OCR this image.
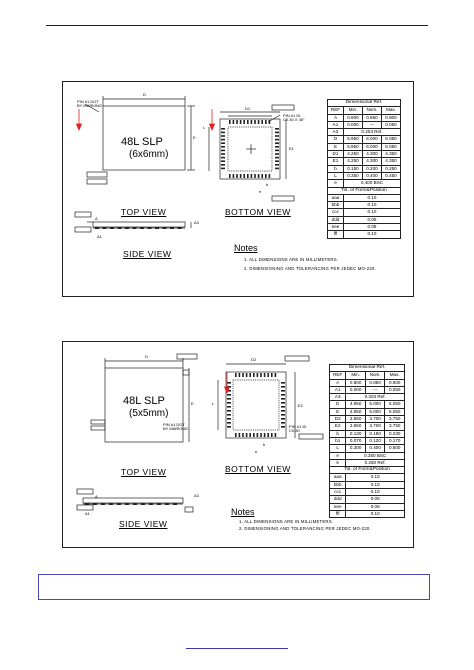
PIN #1 DOT
BY MARKING
D
E
48L SLP
(6x6mm)
TOP VIEW
D1
E1
L
PIN #1 ID
C0.30 X 45°
b
e
BOTTOM VIEW
A
A1
A3
SIDE VIEW
Notes
1. ALL DIMENSIONS ARE IN MILLIMETERS.
2. DIMENSIONING AND TOLERANCING PER JEDEC MO-220.
Dimensional Ref.			
REF	Min.	Nom.	Max.
A	0.800	0.850	0.900
A1	0.000	---	0.050
A3	0.203 Ref.		
D	5.950	6.000	6.050
E	5.950	6.000	6.050
D1	4.250	4.300	4.350
E1	4.250	4.300	4.350
b	0.150	0.200	0.250
L	0.350	0.400	0.450
e	0.400 BSC		
Tol. of Form&Position			
aaa	0.10		
bbb	0.10		
ccc	0.10		
ddd	0.05		
eee	0.08		
fff	0.10		
D
E
48L SLP
(5x5mm)
PIN #1 DOT
BY MARKING
TOP VIEW
D2
E2
L
PIN #1 ID
C0.30
b
e
BOTTOM VIEW
A
A1
A3
SIDE VIEW
Notes
1. ALL DIMENSIONS ARE IN MILLIMETERS.
2. DIMENSIONING AND TOLERANCING PER JEDEC MO-220.
Dimensional Ref.			
REF	Min.	Nom.	Max.
A	0.800	0.850	0.900
A1	0.000	---	0.050
A3	0.203 Ref.		
D	4.950	5.000	5.050
E	4.950	5.000	5.050
D2	3.650	3.700	3.750
E2	3.650	3.700	3.750
b	0.130	0.180	0.230
b1	0.070	0.120	0.170
L	0.300	0.400	0.500
e	0.350 BSC		
k	0.250 Ref.		
Tol. of Form&Position			
aaa	0.10		
bbb	0.10		
ccc	0.10		
ddd	0.05		
eee	0.08		
fff	0.10		
